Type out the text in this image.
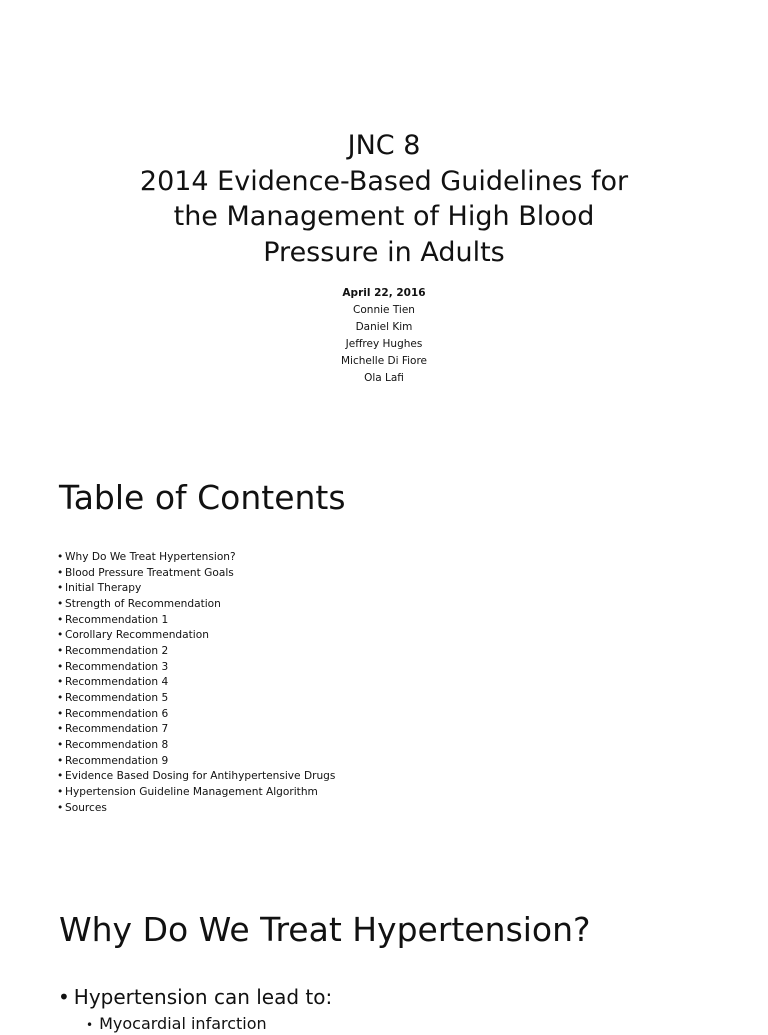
JNC 8
2014 Evidence-Based Guidelines for
the Management of High Blood
Pressure in Adults
April 22, 2016
Connie Tien
Daniel Kim
Jeffrey Hughes
Michelle Di Fiore
Ola Lafi
Table of Contents
• Why Do We Treat Hypertension?
• Blood Pressure Treatment Goals
• Initial Therapy
• Strength of Recommendation
• Recommendation 1
• Corollary Recommendation
• Recommendation 2
• Recommendation 3
• Recommendation 4
• Recommendation 5
• Recommendation 6
• Recommendation 7
• Recommendation 8
• Recommendation 9
• Evidence Based Dosing for Antihypertensive Drugs
• Hypertension Guideline Management Algorithm
• Sources
Why Do We Treat Hypertension?
• Hypertension can lead to:
• Myocardial infarction
